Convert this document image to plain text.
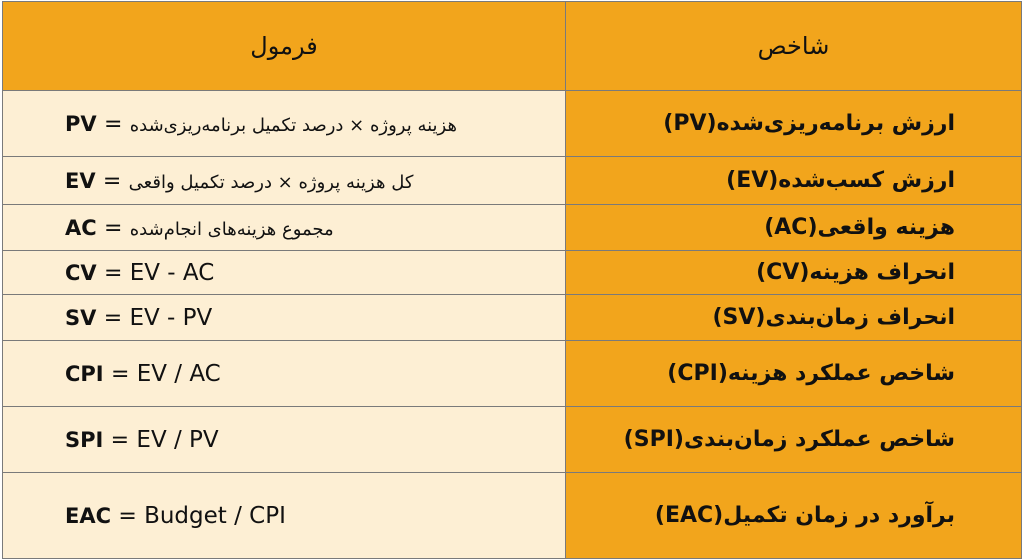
فرمول	شاخص
PV = هزینه پروژه × درصد تکمیل برنامه‌ریزی‌شده	ارزش برنامه‌ریزی‌شده(PV)
EV = کل هزینه پروژه × درصد تکمیل واقعی	ارزش کسب‌شده(EV)
AC = مجموع هزینه‌های انجام‌شده	هزینه واقعی(AC)
CV = EV - AC	انحراف هزینه(CV)
SV = EV - PV	انحراف زمان‌بندی(SV)
CPI = EV / AC	شاخص عملکرد هزینه(CPI)
SPI = EV / PV	شاخص عملکرد زمان‌بندی(SPI)
EAC = Budget / CPI	برآورد در زمان تکمیل(EAC)
